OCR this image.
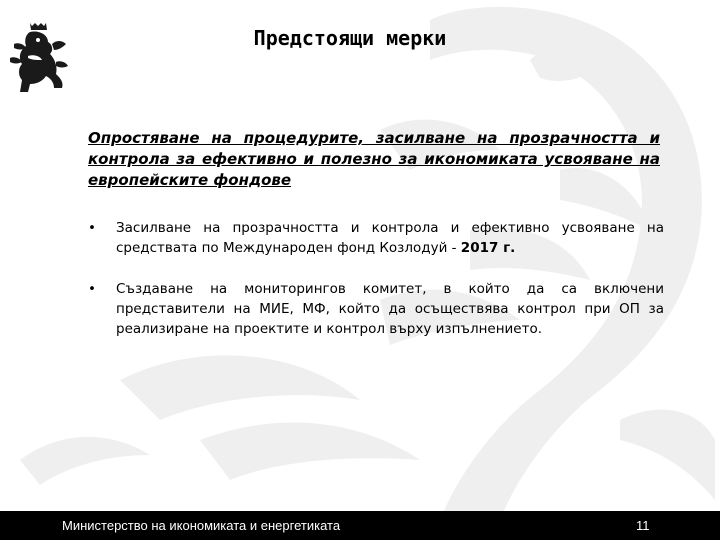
Предстоящи мерки
Опростяване на процедурите, засилване на прозрачността и контрола за ефективно и полезно за икономиката усвояване на европейските фондове
• Засилване на прозрачността и контрола и ефективно усвояване на средствата по Международен фонд Козлодуй - 2017 г.
• Създаване на мониторингов комитет, в който да са включени представители на МИЕ, МФ, който да осъществява контрол при ОП за реализиране на проектите и контрол върху изпълнението.
Министерство на икономиката и енергетиката	11
